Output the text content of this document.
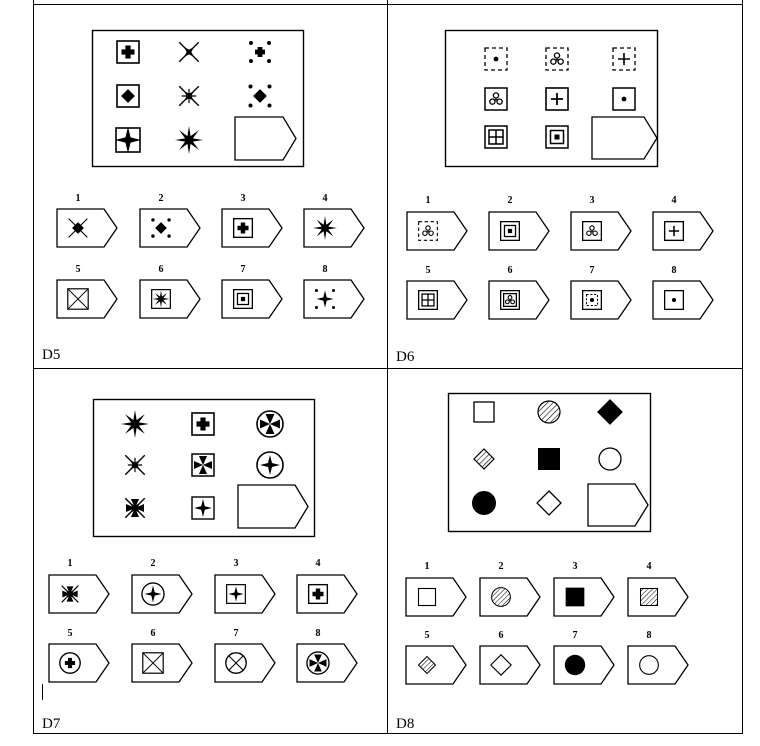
1	2	3	4
5	6	7	8
D5
1	2	3	4
5	6	7	8
D6
1	2	3	4
5	6	7	8
D7
1	2	3	4
5	6	7	8
D8
